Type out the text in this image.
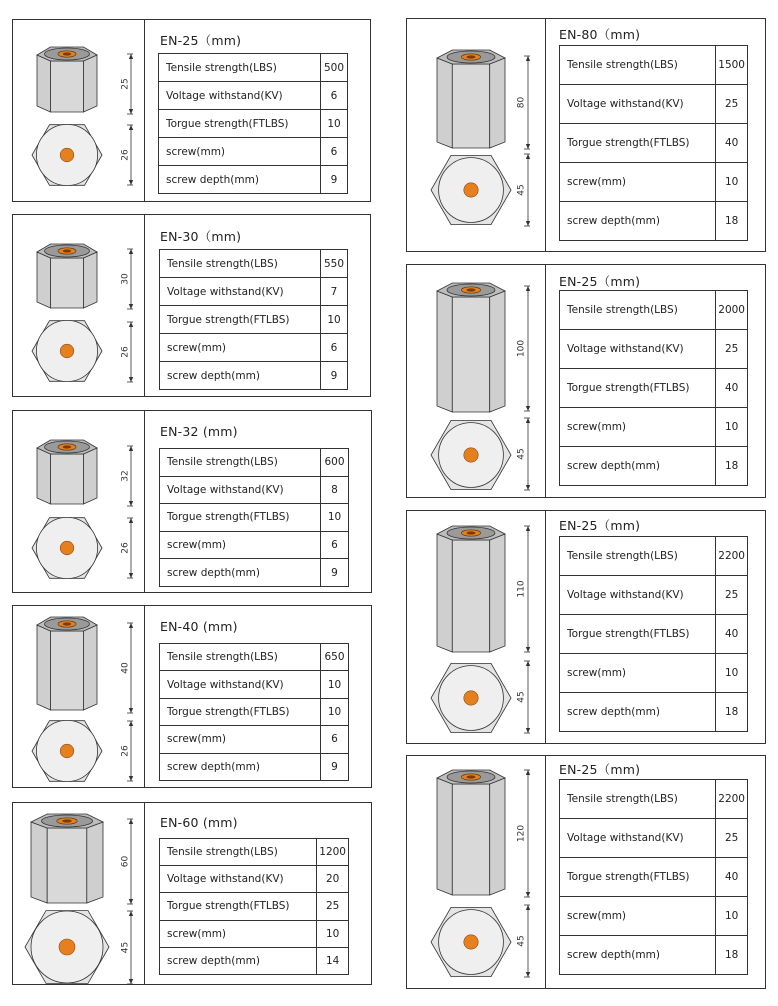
EN-25（mm)
Tensile strength(LBS)	500
Voltage withstand(KV)	6
Torgue strength(FTLBS)	10
screw(mm)	6
screw depth(mm)	9
EN-30（mm)
Tensile strength(LBS)	550
Voltage withstand(KV)	7
Torgue strength(FTLBS)	10
screw(mm)	6
screw depth(mm)	9
EN-32 (mm)
Tensile strength(LBS)	600
Voltage withstand(KV)	8
Torgue strength(FTLBS)	10
screw(mm)	6
screw depth(mm)	9
EN-40 (mm)
Tensile strength(LBS)	650
Voltage withstand(KV)	10
Torgue strength(FTLBS)	10
screw(mm)	6
screw depth(mm)	9
EN-60 (mm)
Tensile strength(LBS)	1200
Voltage withstand(KV)	20
Torgue strength(FTLBS)	25
screw(mm)	10
screw depth(mm)	14
EN-80（mm)
Tensile strength(LBS)	1500
Voltage withstand(KV)	25
Torgue strength(FTLBS)	40
screw(mm)	10
screw depth(mm)	18
EN-25（mm)
Tensile strength(LBS)	2000
Voltage withstand(KV)	25
Torgue strength(FTLBS)	40
screw(mm)	10
screw depth(mm)	18
EN-25（mm)
Tensile strength(LBS)	2200
Voltage withstand(KV)	25
Torgue strength(FTLBS)	40
screw(mm)	10
screw depth(mm)	18
EN-25（mm)
Tensile strength(LBS)	2200
Voltage withstand(KV)	25
Torgue strength(FTLBS)	40
screw(mm)	10
screw depth(mm)	18
25
26
30
26
32
26
40
26
60
45
80
45
100
45
110
45
120
45
